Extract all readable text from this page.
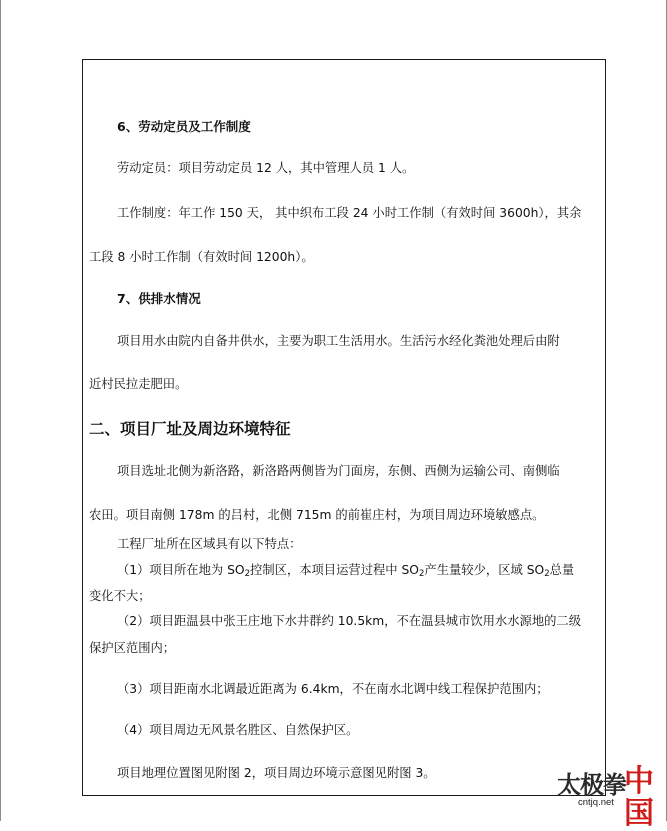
6、劳动定员及工作制度
劳动定员：项目劳动定员 12 人，其中管理人员 1 人。
工作制度：年工作 150 天， 其中织布工段 24 小时工作制（有效时间 3600h），其余
工段 8 小时工作制（有效时间 1200h）。
7、供排水情况
项目用水由院内自备井供水，主要为职工生活用水。生活污水经化粪池处理后由附
近村民拉走肥田。
二、项目厂址及周边环境特征
项目选址北侧为新洛路，新洛路两侧皆为门面房，东侧、西侧为运输公司、南侧临
农田。项目南侧 178m 的吕村，北侧 715m 的前崔庄村，为项目周边环境敏感点。
工程厂址所在区域具有以下特点：
（1）项目所在地为 $SO_2$控制区，本项目运营过程中 $SO_2$产生量较少，区域 $SO_2$总量
变化不大；
（2）项目距温县中张王庄地下水井群约 10.5km，不在温县城市饮用水水源地的二级
保护区范围内；
（3）项目距南水北调最近距离为 6.4km，不在南水北调中线工程保护范围内；
（4）项目周边无风景名胜区、自然保护区。
项目地理位置图见附图 2，项目周边环境示意图见附图 3。	太极拳
中国
cntjq.net
